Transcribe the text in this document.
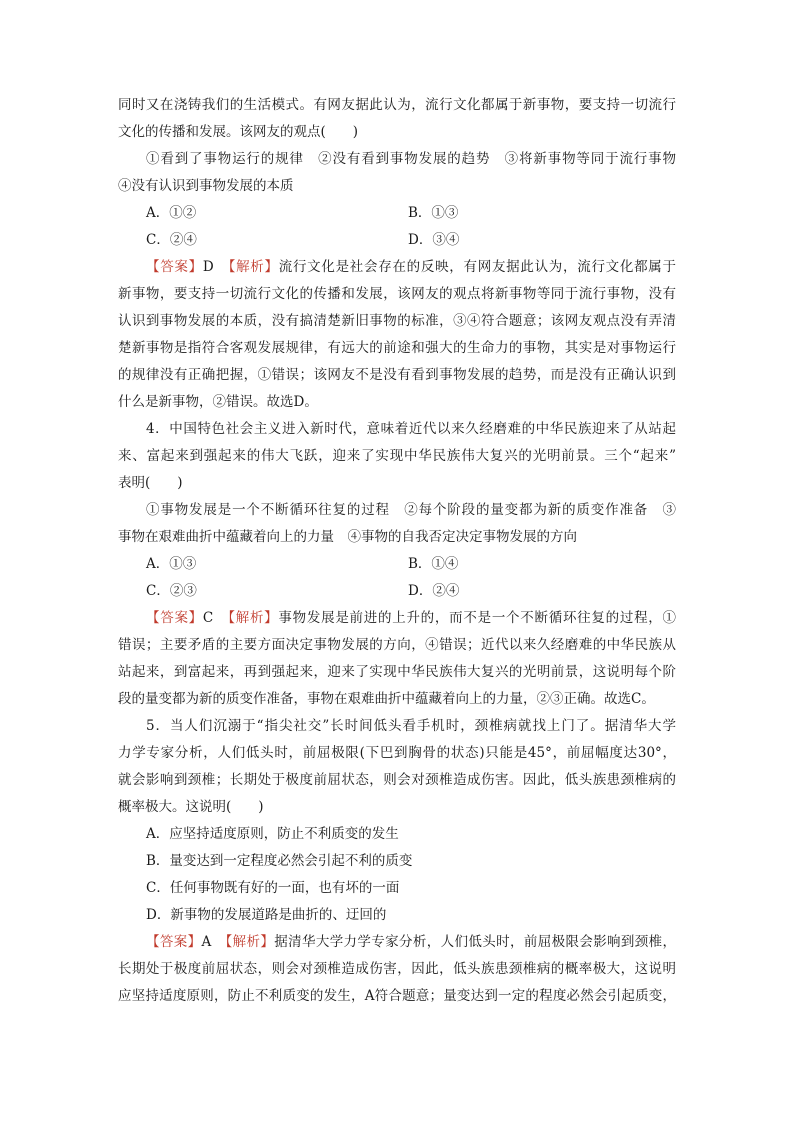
同时又在浇铸我们的生活模式。有网友据此认为，流行文化都属于新事物，要支持一切流行
文化的传播和发展。该网友的观点(　　)
①看到了事物运行的规律　②没有看到事物发展的趋势　③将新事物等同于流行事物
④没有认识到事物发展的本质
A．①②	B．①③
C．②④	D．③④
【答案】D　 【解析】流行文化是社会存在的反映，有网友据此认为，流行文化都属于
新事物，要支持一切流行文化的传播和发展，该网友的观点将新事物等同于流行事物，没有
认识到事物发展的本质，没有搞清楚新旧事物的标准，③④符合题意；该网友观点没有弄清
楚新事物是指符合客观发展规律，有远大的前途和强大的生命力的事物，其实是对事物运行
的规律没有正确把握，①错误；该网友不是没有看到事物发展的趋势，而是没有正确认识到
什么是新事物，②错误。故选D。
4．中国特色社会主义进入新时代，意味着近代以来久经磨难的中华民族迎来了从站起
来、富起来到强起来的伟大飞跃，迎来了实现中华民族伟大复兴的光明前景。三个“起来”
表明(　　)
①事物发展是一个不断循环往复的过程　②每个阶段的量变都为新的质变作准备　③
事物在艰难曲折中蕴藏着向上的力量　④事物的自我否定决定事物发展的方向
A．①③	B．①④
C．②③	D．②④
【答案】C　 【解析】事物发展是前进的上升的，而不是一个不断循环往复的过程，①
错误；主要矛盾的主要方面决定事物发展的方向，④错误；近代以来久经磨难的中华民族从
站起来，到富起来，再到强起来，迎来了实现中华民族伟大复兴的光明前景，这说明每个阶
段的量变都为新的质变作准备，事物在艰难曲折中蕴藏着向上的力量，②③正确。故选C。
5．当人们沉溺于“指尖社交”长时间低头看手机时，颈椎病就找上门了。据清华大学
力学专家分析，人们低头时，前屈极限(下巴到胸骨的状态)只能是45°，前屈幅度达30°，
就会影响到颈椎；长期处于极度前屈状态，则会对颈椎造成伤害。因此，低头族患颈椎病的
概率极大。这说明(　　)
A．应坚持适度原则，防止不利质变的发生
B．量变达到一定程度必然会引起不利的质变
C．任何事物既有好的一面，也有坏的一面
D．新事物的发展道路是曲折的、迂回的
【答案】A　 【解析】据清华大学力学专家分析，人们低头时，前屈极限会影响到颈椎，
长期处于极度前屈状态，则会对颈椎造成伤害，因此，低头族患颈椎病的概率极大，这说明
应坚持适度原则，防止不利质变的发生，A符合题意；量变达到一定的程度必然会引起质变，
